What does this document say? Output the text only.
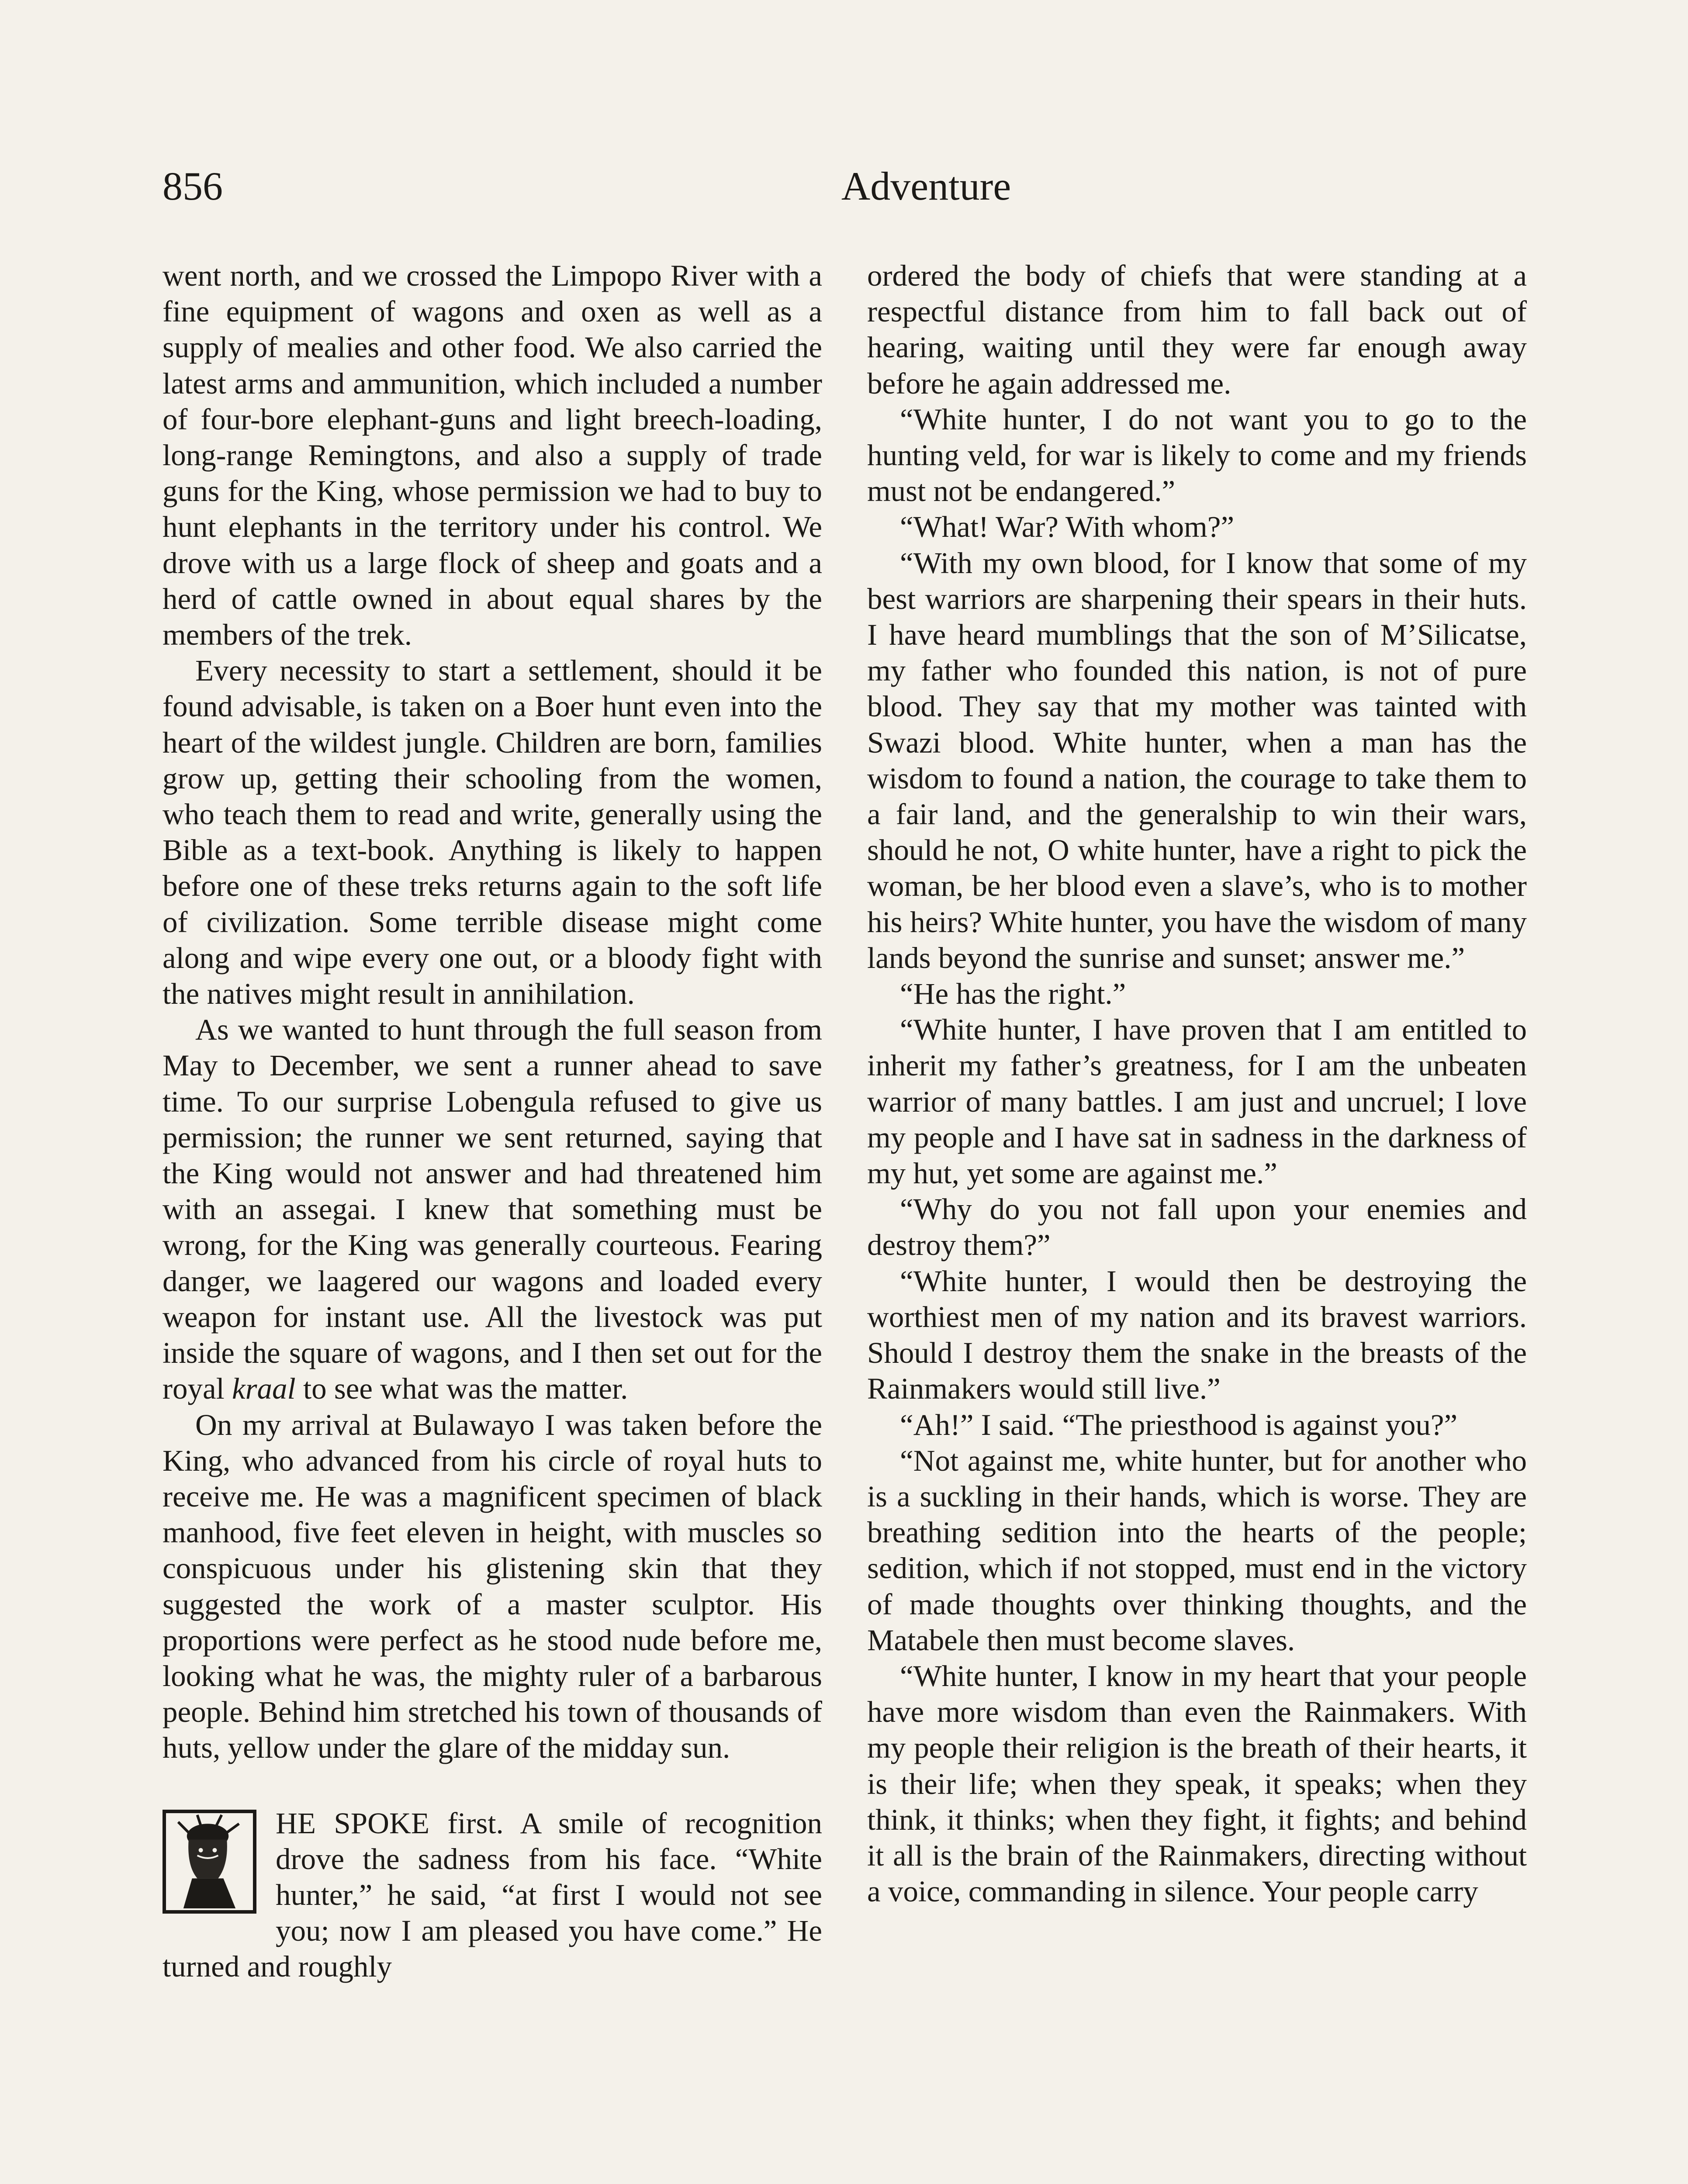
856	Adventure

went north, and we crossed the Limpopo River with a fine equipment of wagons and oxen as well as a supply of mealies and other food. We also carried the latest arms and ammunition, which included a number of four-bore elephant-guns and light breech-loading, long-range Remingtons, and also a supply of trade guns for the King, whose permission we had to buy to hunt elephants in the territory under his control. We drove with us a large flock of sheep and goats and a herd of cattle owned in about equal shares by the members of the trek.

Every necessity to start a settlement, should it be found advisable, is taken on a Boer hunt even into the heart of the wildest jungle. Children are born, families grow up, getting their schooling from the women, who teach them to read and write, generally using the Bible as a text-book. Anything is likely to happen before one of these treks returns again to the soft life of civilization. Some terrible disease might come along and wipe every one out, or a bloody fight with the natives might result in annihilation.

As we wanted to hunt through the full season from May to December, we sent a runner ahead to save time. To our surprise Lobengula refused to give us permission; the runner we sent returned, saying that the King would not answer and had threatened him with an assegai. I knew that something must be wrong, for the King was generally courteous. Fearing danger, we laagered our wagons and loaded every weapon for instant use. All the livestock was put inside the square of wagons, and I then set out for the royal kraal to see what was the matter.

On my arrival at Bulawayo I was taken before the King, who advanced from his circle of royal huts to receive me. He was a magnificent specimen of black manhood, five feet eleven in height, with muscles so conspicuous under his glistening skin that they suggested the work of a master sculptor. His proportions were perfect as he stood nude before me, looking what he was, the mighty ruler of a barbarous people. Behind him stretched his town of thousands of huts, yellow under the glare of the midday sun.

HE SPOKE first. A smile of recognition drove the sadness from his face. “White hunter,” he said, “at first I would not see you; now I am pleased you have come.” He turned and roughly

ordered the body of chiefs that were standing at a respectful distance from him to fall back out of hearing, waiting until they were far enough away before he again addressed me.

“White hunter, I do not want you to go to the hunting veld, for war is likely to come and my friends must not be endangered.”

“What! War? With whom?”

“With my own blood, for I know that some of my best warriors are sharpening their spears in their huts. I have heard mumblings that the son of M’Silicatse, my father who founded this nation, is not of pure blood. They say that my mother was tainted with Swazi blood. White hunter, when a man has the wisdom to found a nation, the courage to take them to a fair land, and the generalship to win their wars, should he not, O white hunter, have a right to pick the woman, be her blood even a slave’s, who is to mother his heirs? White hunter, you have the wisdom of many lands beyond the sunrise and sunset; answer me.”

“He has the right.”

“White hunter, I have proven that I am entitled to inherit my father’s greatness, for I am the unbeaten warrior of many battles. I am just and uncruel; I love my people and I have sat in sadness in the darkness of my hut, yet some are against me.”

“Why do you not fall upon your enemies and destroy them?”

“White hunter, I would then be destroying the worthiest men of my nation and its bravest warriors. Should I destroy them the snake in the breasts of the Rainmakers would still live.”

“Ah!” I said. “The priesthood is against you?”

“Not against me, white hunter, but for another who is a suckling in their hands, which is worse. They are breathing sedition into the hearts of the people; sedition, which if not stopped, must end in the victory of made thoughts over thinking thoughts, and the Matabele then must become slaves.

“White hunter, I know in my heart that your people have more wisdom than even the Rainmakers. With my people their religion is the breath of their hearts, it is their life; when they speak, it speaks; when they think, it thinks; when they fight, it fights; and behind it all is the brain of the Rainmakers, directing without a voice, commanding in silence. Your people carry
